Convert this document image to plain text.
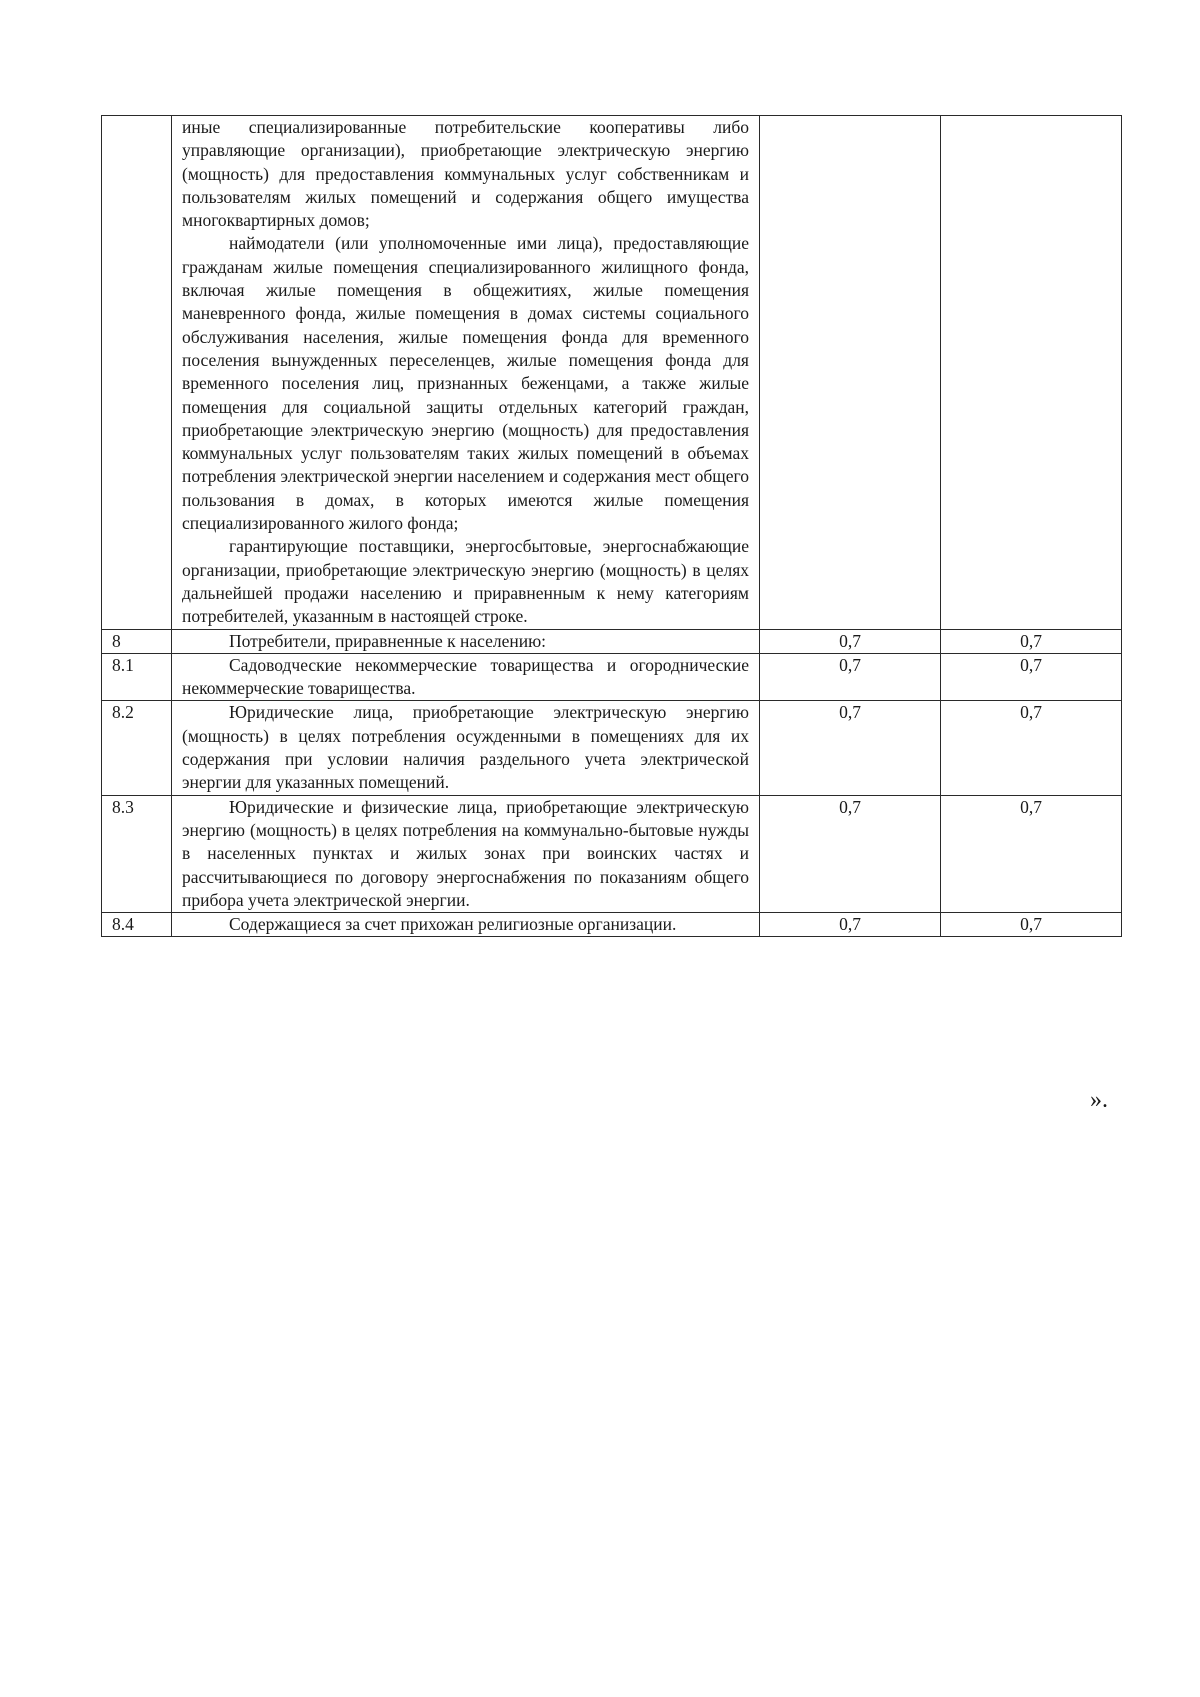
	иные специализированные потребительские кооперативы либо управляющие организации), приобретающие электрическую энергию (мощность) для предоставления коммунальных услуг собственникам и пользователям жилых помещений и содержания общего имущества многоквартирных домов;
наймодатели (или уполномоченные ими лица), предоставляющие гражданам жилые помещения специализированного жилищного фонда, включая жилые помещения в общежитиях, жилые помещения маневренного фонда, жилые помещения в домах системы социального обслуживания населения, жилые помещения фонда для временного поселения вынужденных переселенцев, жилые помещения фонда для временного поселения лиц, признанных беженцами, а также жилые помещения для социальной защиты отдельных категорий граждан, приобретающие электрическую энергию (мощность) для предоставления коммунальных услуг пользователям таких жилых помещений в объемах потребления электрической энергии населением и содержания мест общего пользования в домах, в которых имеются жилые помещения специализированного жилого фонда;
гарантирующие поставщики, энергосбытовые, энергоснабжающие организации, приобретающие электрическую энергию (мощность) в целях дальнейшей продажи населению и приравненным к нему категориям потребителей, указанным в настоящей строке.		

8	Потребители, приравненные к населению:	0,7	0,7
8.1	Садоводческие некоммерческие товарищества и огороднические некоммерческие товарищества.	0,7	0,7
8.2	Юридические лица, приобретающие электрическую энергию (мощность) в целях потребления осужденными в помещениях для их содержания при условии наличия раздельного учета электрической энергии для указанных помещений.	0,7	0,7
8.3	Юридические и физические лица, приобретающие электрическую энергию (мощность) в целях потребления на коммунально-бытовые нужды в населенных пунктах и жилых зонах при воинских частях и рассчитывающиеся по договору энергоснабжения по показаниям общего прибора учета электрической энергии.	0,7	0,7
8.4	Содержащиеся за счет прихожан религиозные организации.	0,7	0,7
».
